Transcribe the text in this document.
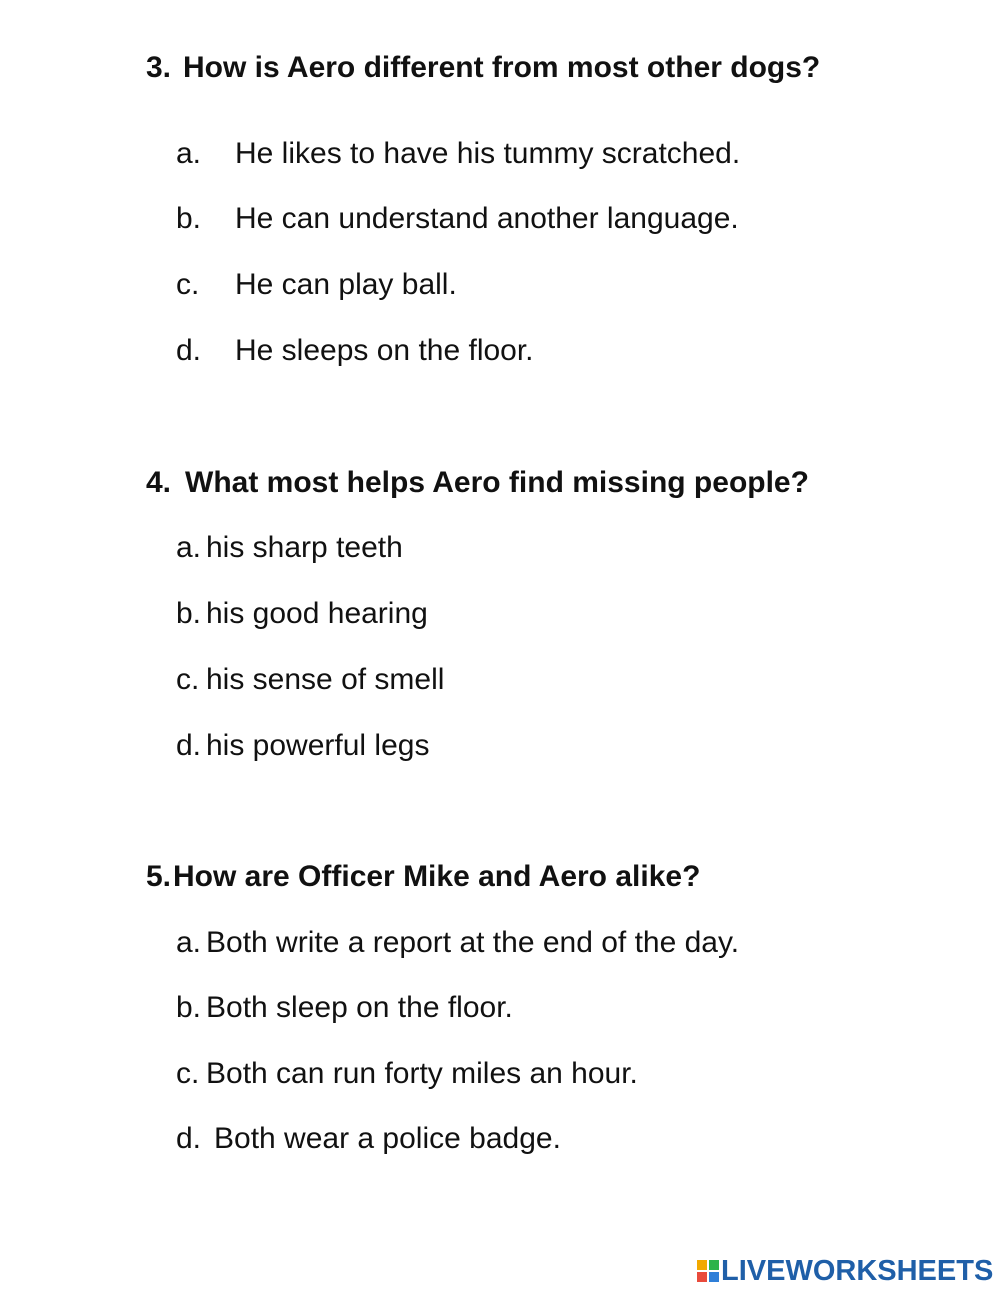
3. How is Aero different from most other dogs?
a. He likes to have his tummy scratched.
b. He can understand another language.
c. He can play ball.
d. He sleeps on the floor.
4. What most helps Aero find missing people?
a. his sharp teeth
b. his good hearing
c. his sense of smell
d. his powerful legs
5. How are Officer Mike and Aero alike?
a. Both write a report at the end of the day.
b. Both sleep on the floor.
c. Both can run forty miles an hour.
d. Both wear a police badge.
LIVEWORKSHEETS
